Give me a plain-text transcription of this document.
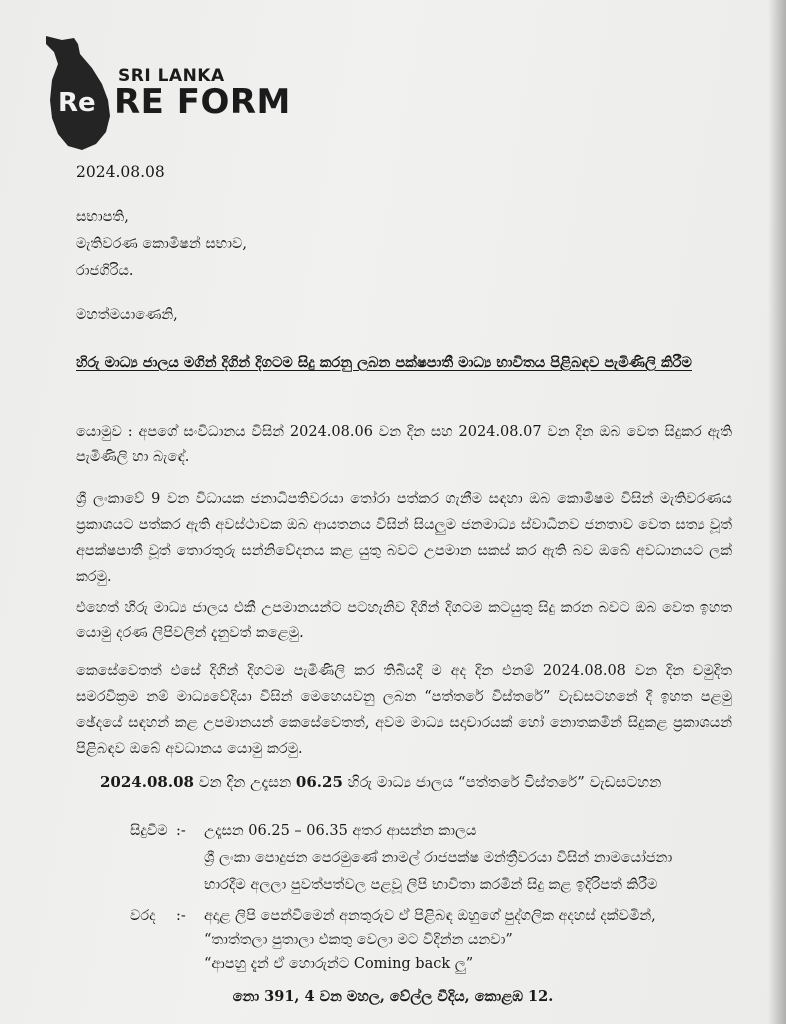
Re
SRI LANKA
RE FORM
2024.08.08
සභාපති,
මැතිවරණ කොමිෂන් සභාව,
රාජගිරිය.
මහත්මයාණෙනි,
හිරු මාධ්‍ය ජාලය මගින් දිගින් දිගටම සිදු කරනු ලබන පක්ෂපාතී මාධ්‍ය භාවිතය පිළිබඳව පැමිණිලි කිරීම
යොමුව : අපගේ සංවිධානය විසින් 2024.08.06 වන දින සහ 2024.08.07 වන දින ඔබ වෙත සිදුකර ඇති පැමිණිලි හා බැඳේ.
ශ්‍රී ලංකාවේ 9 වන විධායක ජනාධිපතිවරයා තෝරා පත්කර ගැනීම සඳහා ඔබ කොමිෂම විසින් මැතිවරණය ප්‍රකාශයට පත්කර ඇති අවස්ථාවක ඔබ ආයතනය විසින් සියලුම ජනමාධ්‍ය ස්වාධීනව ජනතාව වෙත සත්‍ය වූත් අපක්ෂපාතී වූත් තොරතුරු සන්නිවේදනය කළ යුතු බවට උපමාන සකස් කර ඇති බව ඔබේ අවධානයට ලක් කරමු.
එහෙත් හිරු මාධ්‍ය ජාලය එකී උපමානයන්ට පටහැනිව දිගින් දිගටම කටයුතු සිදු කරන බවට ඔබ වෙත ඉහත යොමු දරණ ලිපිවලින් දැනුවත් කළෙමු.
කෙසේවෙතත් එසේ දිගින් දිගටම පැමිණිලි කර තිබියදී ම අද දින එනම් 2024.08.08 වන දින චමුදිත සමරවික්‍රම නම් මාධ්‍යවේදියා විසින් මෙහෙයවනු ලබන “පත්තරේ විස්තරේ” වැඩසටහනේ දී ඉහත පළමු ඡේදයේ සඳහන් කළ උපමානයන් කෙසේවෙතත්, අවම මාධ්‍ය සදාචාරයක් හෝ නොතකමින් සිදුකළ ප්‍රකාශයන් පිළිබඳව ඔබේ අවධානය යොමු කරමු.
2024.08.08 වන දින උදෑසන 06.25 හිරු මාධ්‍ය ජාලය “පත්තරේ විස්තරේ” වැඩසටහන
සිදුවීම :- උදෑසන 06.25 – 06.35 අතර ආසන්න කාලය
ශ්‍රී ලංකා පොදුජන පෙරමුණේ නාමල් රාජපක්ෂ මන්ත්‍රීවරයා විසින් නාමයෝජනා
භාරදීම අලලා පුවත්පත්වල පළවූ ලිපි භාවිතා කරමින් සිදු කළ ඉදිරිපත් කිරීම
වරද :- අදාළ ලිපි පෙන්වීමෙන් අනතුරුව ඒ පිළිබඳ ඔහුගේ පුද්ගලික අදහස් දක්වමින්,
“තාත්තලා පුතාලා එකතු වෙලා මට විදින්න යනවා”
“ආපහු දැන් ඒ හොරුන්ට Coming back ලු”
නො 391, 4 වන මහල, වේල්ල වීදිය, කොළඹ 12.
